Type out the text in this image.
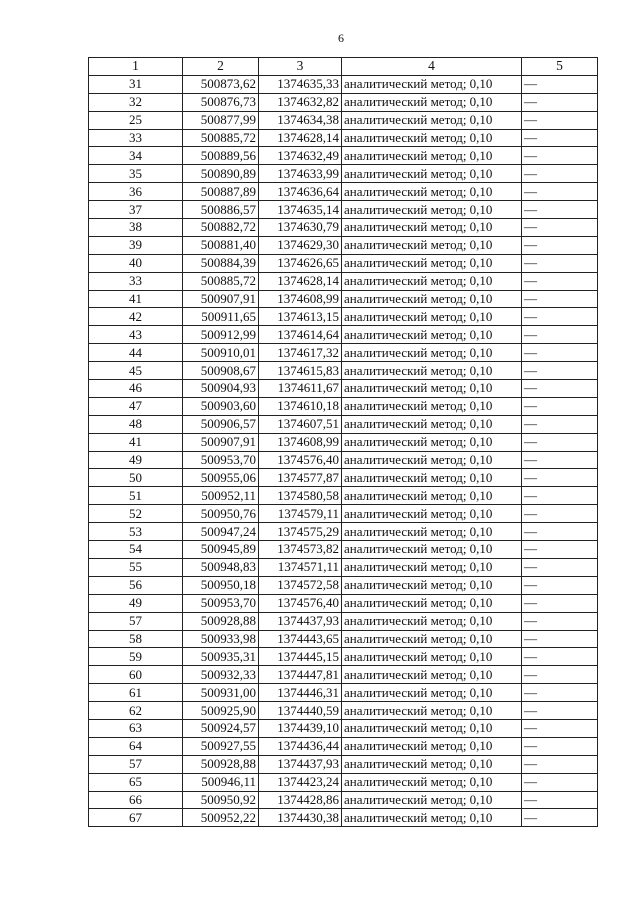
6
1	2	3	4	5
31	500873,62	1374635,33	аналитический метод; 0,10	—
32	500876,73	1374632,82	аналитический метод; 0,10	—
25	500877,99	1374634,38	аналитический метод; 0,10	—
33	500885,72	1374628,14	аналитический метод; 0,10	—
34	500889,56	1374632,49	аналитический метод; 0,10	—
35	500890,89	1374633,99	аналитический метод; 0,10	—
36	500887,89	1374636,64	аналитический метод; 0,10	—
37	500886,57	1374635,14	аналитический метод; 0,10	—
38	500882,72	1374630,79	аналитический метод; 0,10	—
39	500881,40	1374629,30	аналитический метод; 0,10	—
40	500884,39	1374626,65	аналитический метод; 0,10	—
33	500885,72	1374628,14	аналитический метод; 0,10	—
41	500907,91	1374608,99	аналитический метод; 0,10	—
42	500911,65	1374613,15	аналитический метод; 0,10	—
43	500912,99	1374614,64	аналитический метод; 0,10	—
44	500910,01	1374617,32	аналитический метод; 0,10	—
45	500908,67	1374615,83	аналитический метод; 0,10	—
46	500904,93	1374611,67	аналитический метод; 0,10	—
47	500903,60	1374610,18	аналитический метод; 0,10	—
48	500906,57	1374607,51	аналитический метод; 0,10	—
41	500907,91	1374608,99	аналитический метод; 0,10	—
49	500953,70	1374576,40	аналитический метод; 0,10	—
50	500955,06	1374577,87	аналитический метод; 0,10	—
51	500952,11	1374580,58	аналитический метод; 0,10	—
52	500950,76	1374579,11	аналитический метод; 0,10	—
53	500947,24	1374575,29	аналитический метод; 0,10	—
54	500945,89	1374573,82	аналитический метод; 0,10	—
55	500948,83	1374571,11	аналитический метод; 0,10	—
56	500950,18	1374572,58	аналитический метод; 0,10	—
49	500953,70	1374576,40	аналитический метод; 0,10	—
57	500928,88	1374437,93	аналитический метод; 0,10	—
58	500933,98	1374443,65	аналитический метод; 0,10	—
59	500935,31	1374445,15	аналитический метод; 0,10	—
60	500932,33	1374447,81	аналитический метод; 0,10	—
61	500931,00	1374446,31	аналитический метод; 0,10	—
62	500925,90	1374440,59	аналитический метод; 0,10	—
63	500924,57	1374439,10	аналитический метод; 0,10	—
64	500927,55	1374436,44	аналитический метод; 0,10	—
57	500928,88	1374437,93	аналитический метод; 0,10	—
65	500946,11	1374423,24	аналитический метод; 0,10	—
66	500950,92	1374428,86	аналитический метод; 0,10	—
67	500952,22	1374430,38	аналитический метод; 0,10	—
